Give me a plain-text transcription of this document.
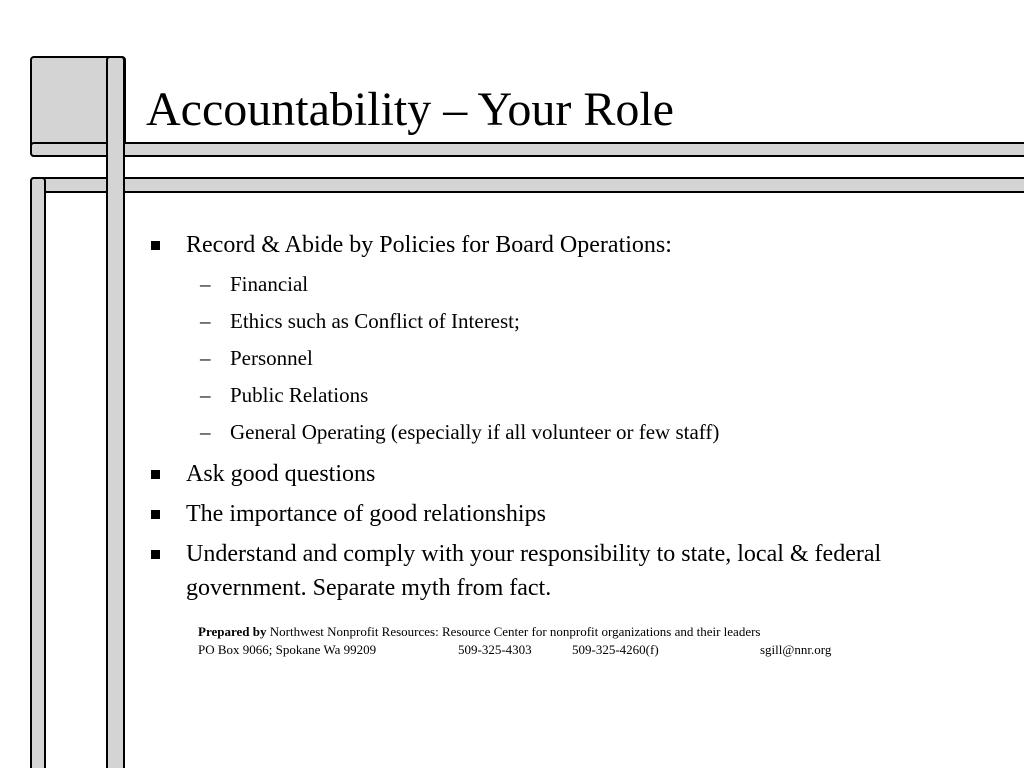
Accountability – Your Role
Record & Abide by Policies for Board Operations:
– Financial
– Ethics such as Conflict of Interest;
– Personnel
– Public Relations
– General Operating (especially if all volunteer or few staff)
Ask good questions
The importance of good relationships
Understand and comply with your responsibility to state, local & federal government. Separate myth from fact.
Prepared by Northwest Nonprofit Resources: Resource Center for nonprofit organizations and their leaders
PO Box 9066; Spokane Wa 99209	509-325-4303	509-325-4260(f)	sgill@nnr.org
